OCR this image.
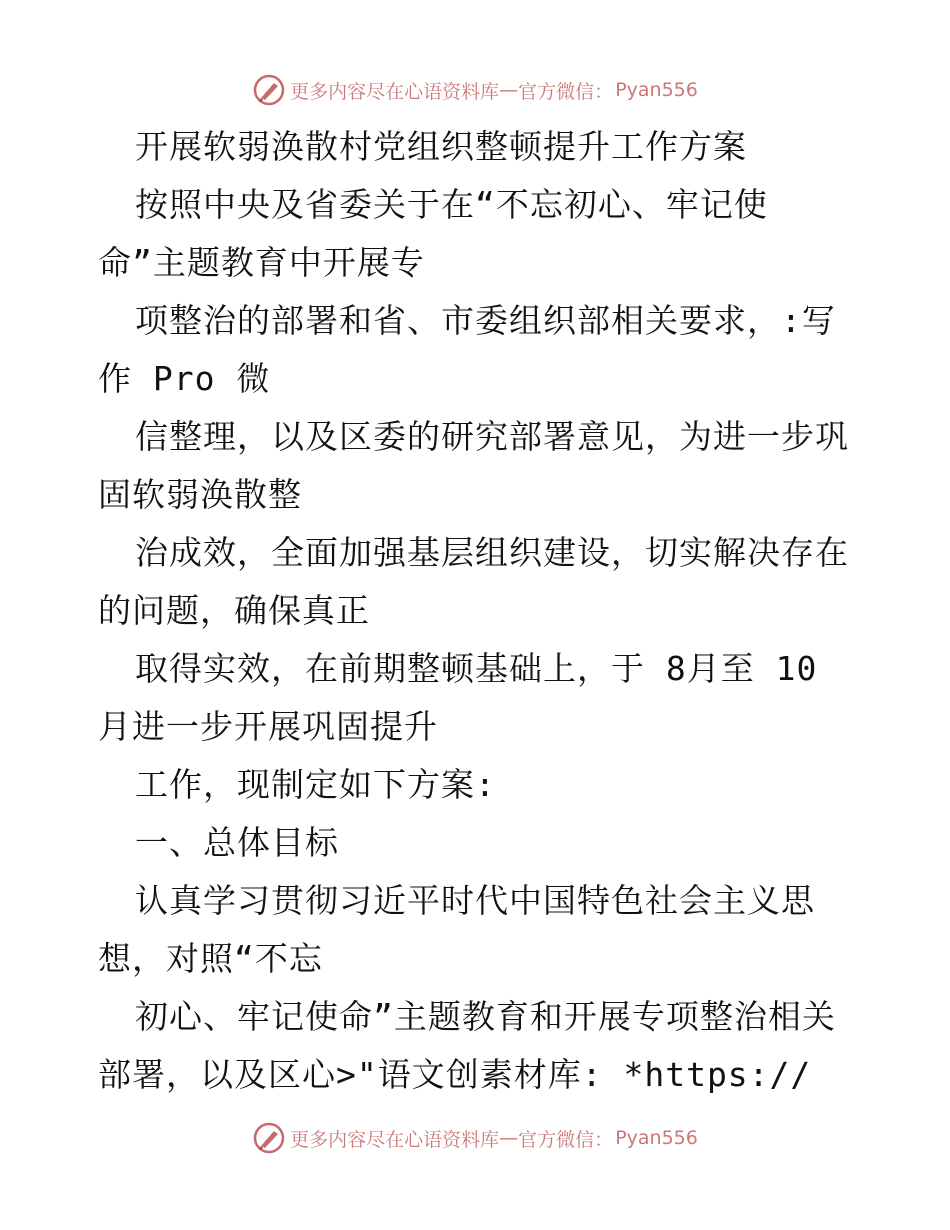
更多内容尽在心语资料库 — 官方微信： Pyan556
开展软弱涣散村党组织整顿提升工作方案
按照中央及省委关于在“不忘初心、牢记使
命”主题教育中开展专
项整治的部署和省、市委组织部相关要求，:写
作 Pro 微
信整理，以及区委的研究部署意见，为进一步巩
固软弱涣散整
治成效，全面加强基层组织建设，切实解决存在
的问题，确保真正
取得实效，在前期整顿基础上，于 8月至 10
月进一步开展巩固提升
工作，现制定如下方案:
一、总体目标
认真学习贯彻习近平时代中国特色社会主义思
想，对照“不忘
初心、牢记使命”主题教育和开展专项整治相关
部署，以及区心>"语文创素材库: *https://
更多内容尽在心语资料库 — 官方微信： Pyan556
